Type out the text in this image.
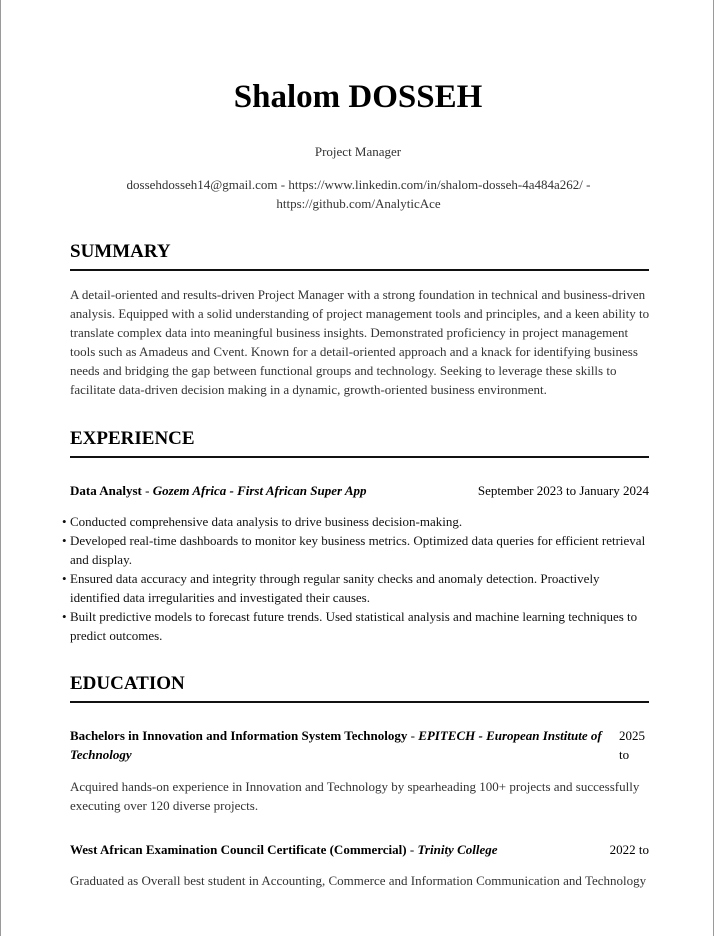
Shalom DOSSEH
Project Manager
dossehdosseh14@gmail.com - https://www.linkedin.com/in/shalom-dosseh-4a484a262/ - https://github.com/AnalyticAce
SUMMARY

A detail-oriented and results-driven Project Manager with a strong foundation in technical and business-driven analysis. Equipped with a solid understanding of project management tools and principles, and a keen ability to translate complex data into meaningful business insights. Demonstrated proficiency in project management tools such as Amadeus and Cvent. Known for a detail-oriented approach and a knack for identifying business needs and bridging the gap between functional groups and technology. Seeking to leverage these skills to facilitate data-driven decision making in a dynamic, growth-oriented business environment.

EXPERIENCE
Data Analyst - Gozem Africa - First African Super App	September 2023 to January 2024
• Conducted comprehensive data analysis to drive business decision-making.
• Developed real-time dashboards to monitor key business metrics. Optimized data queries for efficient retrieval and display.
• Ensured data accuracy and integrity through regular sanity checks and anomaly detection. Proactively identified data irregularities and investigated their causes.
• Built predictive models to forecast future trends. Used statistical analysis and machine learning techniques to predict outcomes.
EDUCATION
Bachelors in Innovation and Information System Technology - EPITECH - European Institute of Technology
2025 to

Acquired hands-on experience in Innovation and Technology by spearheading 100+ projects and successfully executing over 120 diverse projects.

West African Examination Council Certificate (Commercial) - Trinity College	2022 to

Graduated as Overall best student in Accounting, Commerce and Information Communication and Technology
